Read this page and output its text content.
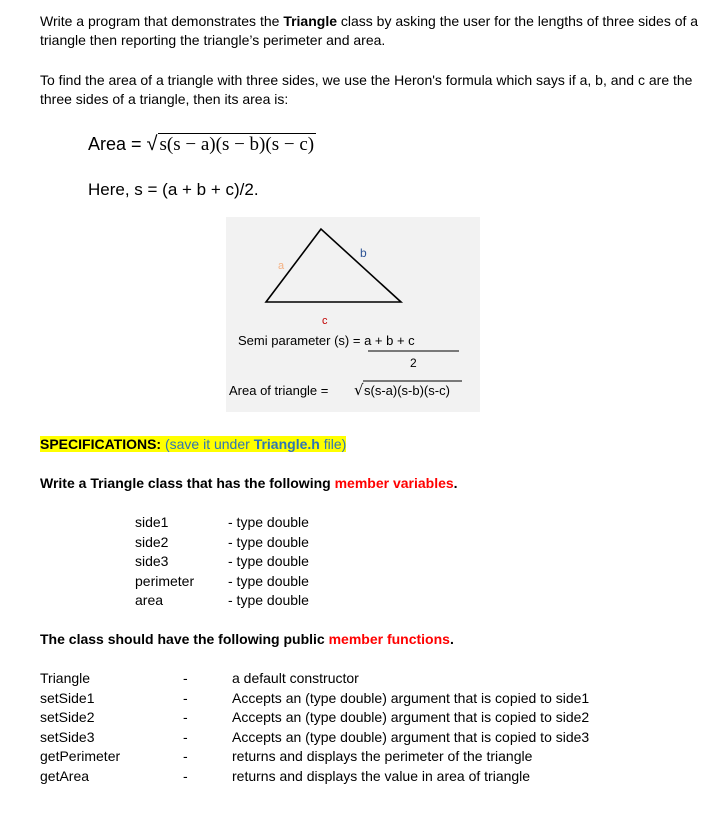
Write a program that demonstrates the Triangle class by asking the user for the lengths of three sides of a triangle then reporting the triangle’s perimeter and area.
To find the area of a triangle with three sides, we use the Heron's formula which says if a, b, and c are the three sides of a triangle, then its area is:
Area = √ s(s − a)(s − b)(s − c)
Here, s = (a + b + c)/2.
a
b
c
Semi parameter (s) = a + b + c
2
Area of triangle = √ s(s-a)(s-b)(s-c)
SPECIFICATIONS: (save it under Triangle.h file)
Write a Triangle class that has the following member variables.
side1
side2
side3
perimeter
area
- type double
- type double
- type double
- type double
- type double
The class should have the following public member functions.
Triangle
setSide1
setSide2
setSide3
getPerimeter
getArea
-
-
-
-
-
-
a default constructor
Accepts an (type double) argument that is copied to side1
Accepts an (type double) argument that is copied to side2
Accepts an (type double) argument that is copied to side3
returns and displays the perimeter of the triangle
returns and displays the value in area of triangle
